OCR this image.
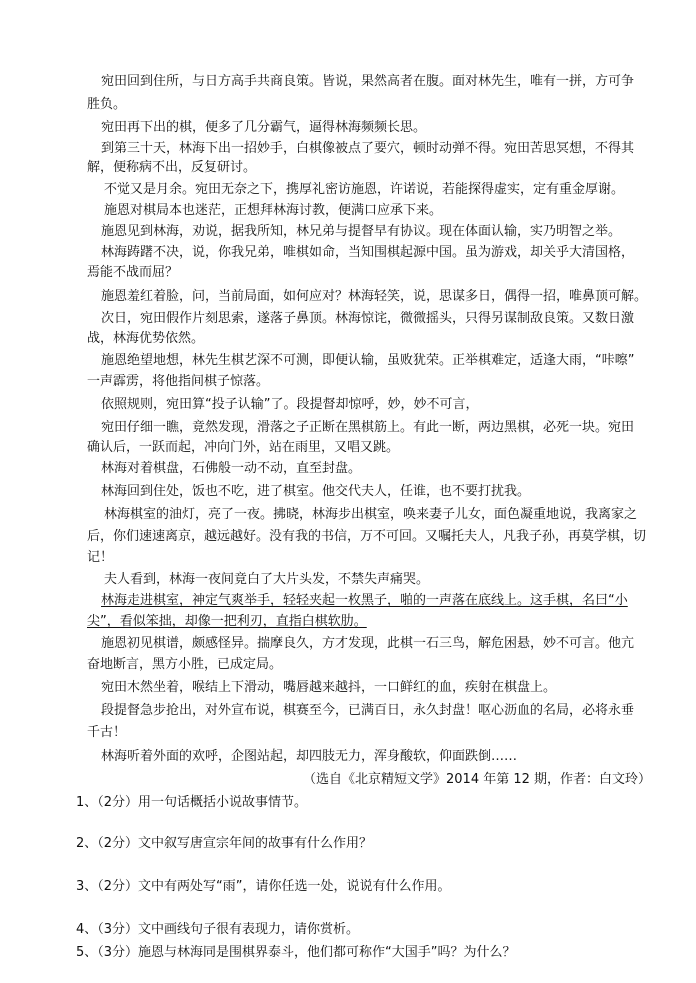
宛田回到住所，与日方高手共商良策。皆说，果然高者在腹。面对林先生，唯有一拼，方可争
胜负。
宛田再下出的棋，便多了几分霸气，逼得林海频频长思。
到第三十天，林海下出一招妙手，白棋像被点了要穴，顿时动弹不得。宛田苦思冥想，不得其
解，便称病不出，反复研讨。
不觉又是月余。宛田无奈之下，携厚礼密访施恩，许诺说，若能探得虚实，定有重金厚谢。
施恩对棋局本也迷茫，正想拜林海讨教，便满口应承下来。
施恩见到林海，劝说，据我所知，林兄弟与提督早有协议。现在体面认输，实乃明智之举。
林海踌躇不决，说，你我兄弟，唯棋如命，当知围棋起源中国。虽为游戏，却关乎大清国格，
焉能不战而屈？
施恩羞红着脸，问，当前局面，如何应对？林海轻笑，说，思谋多日，偶得一招，唯鼻顶可解。
次日，宛田假作片刻思索，遂落子鼻顶。林海惊诧，微微摇头，只得另谋制敌良策。又数日激
战，林海优势依然。
施恩绝望地想，林先生棋艺深不可测，即便认输，虽败犹荣。正举棋难定，适逢大雨，“咔嚓”
一声霹雳，将他指间棋子惊落。
依照规则，宛田算“投子认输”了。段提督却惊呼，妙，妙不可言，
宛田仔细一瞧，竟然发现，滑落之子正断在黑棋筋上。有此一断，两边黑棋，必死一块。宛田
确认后，一跃而起，冲向门外，站在雨里，又唱又跳。
林海对着棋盘，石佛般一动不动，直至封盘。
林海回到住处，饭也不吃，进了棋室。他交代夫人，任谁，也不要打扰我。
林海棋室的油灯，亮了一夜。拂晓，林海步出棋室，唤来妻子儿女，面色凝重地说，我离家之
后，你们速速离京，越远越好。没有我的书信，万不可回。又嘱托夫人，凡我子孙，再莫学棋，切
记！
夫人看到，林海一夜间竟白了大片头发，不禁失声痛哭。
林海走进棋室，神定气爽举手，轻轻夹起一枚黑子，啪的一声落在底线上。这手棋，名曰“小
尖”，看似笨拙，却像一把利刃，直指白棋软肋。
施恩初见棋谱，颇感怪异。揣摩良久，方才发现，此棋一石三鸟，解危困悬，妙不可言。他亢
奋地断言，黑方小胜，已成定局。
宛田木然坐着，喉结上下滑动，嘴唇越来越抖，一口鲜红的血，疾射在棋盘上。
段提督急步抢出，对外宣布说，棋赛至今，已满百日，永久封盘！呕心沥血的名局，必将永垂
千古！
林海听着外面的欢呼，企图站起，却四肢无力，浑身酸软，仰面跌倒……
（选自《北京精短文学》2014 年第 12 期，作者：白文玲）
1、（2分）用一句话概括小说故事情节。
2、（2分）文中叙写唐宣宗年间的故事有什么作用？
3、（2分）文中有两处写“雨”，请你任选一处，说说有什么作用。
4、（3分）文中画线句子很有表现力，请你赏析。
5、（3分）施恩与林海同是围棋界泰斗，他们都可称作“大国手”吗？为什么？
